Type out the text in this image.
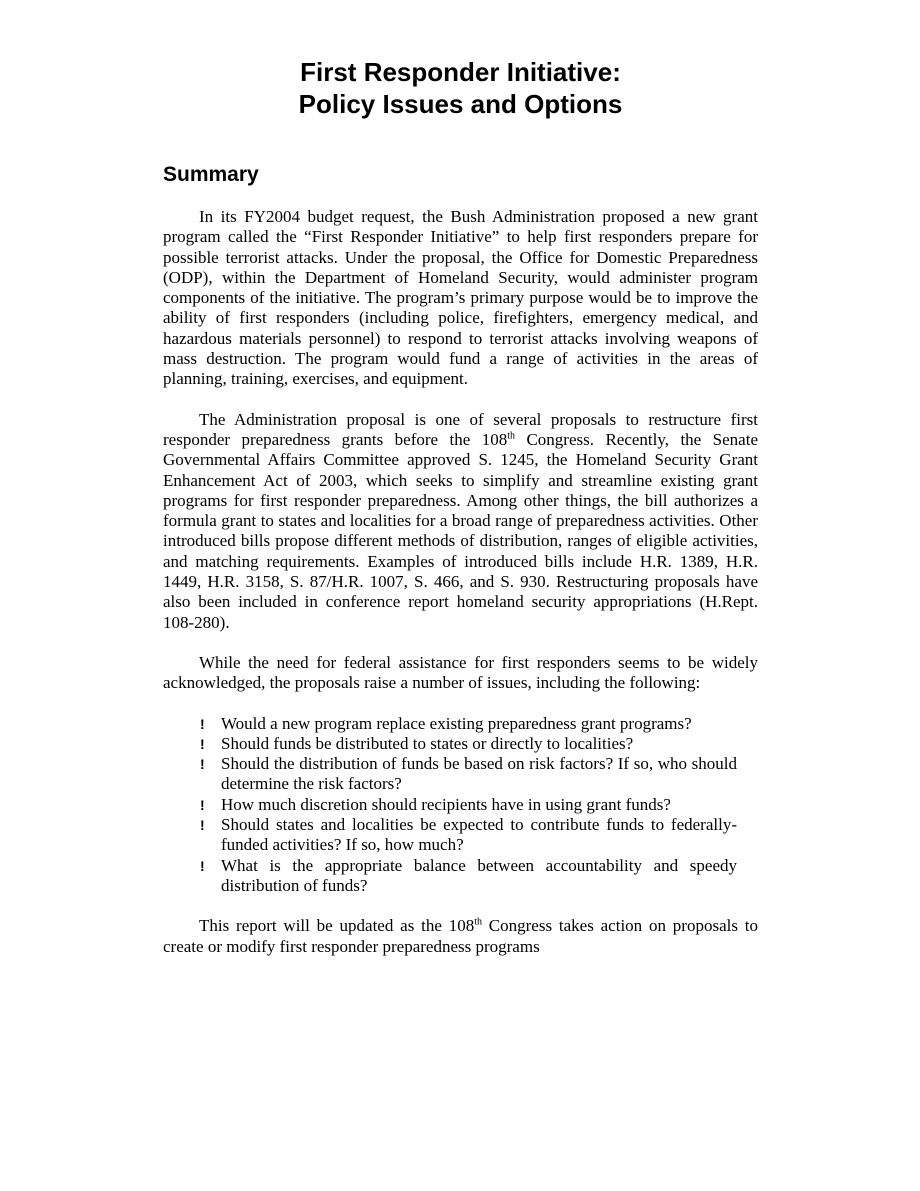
First Responder Initiative:
Policy Issues and Options
Summary

In its FY2004 budget request, the Bush Administration proposed a new grant program called the “First Responder Initiative” to help first responders prepare for possible terrorist attacks. Under the proposal, the Office for Domestic Preparedness (ODP), within the Department of Homeland Security, would administer program components of the initiative. The program’s primary purpose would be to improve the ability of first responders (including police, firefighters, emergency medical, and hazardous materials personnel) to respond to terrorist attacks involving weapons of mass destruction. The program would fund a range of activities in the areas of planning, training, exercises, and equipment.

The Administration proposal is one of several proposals to restructure first responder preparedness grants before the 108th Congress. Recently, the Senate Governmental Affairs Committee approved S. 1245, the Homeland Security Grant Enhancement Act of 2003, which seeks to simplify and streamline existing grant programs for first responder preparedness. Among other things, the bill authorizes a formula grant to states and localities for a broad range of preparedness activities. Other introduced bills propose different methods of distribution, ranges of eligible activities, and matching requirements. Examples of introduced bills include H.R. 1389, H.R. 1449, H.R. 3158, S. 87/H.R. 1007, S. 466, and S. 930. Restructuring proposals have also been included in conference report homeland security appropriations (H.Rept. 108-280).

While the need for federal assistance for first responders seems to be widely acknowledged, the proposals raise a number of issues, including the following:

! Would a new program replace existing preparedness grant programs?
! Should funds be distributed to states or directly to localities?
! Should the distribution of funds be based on risk factors? If so, who should determine the risk factors?
! How much discretion should recipients have in using grant funds?
! Should states and localities be expected to contribute funds to federally-funded activities? If so, how much?
! What is the appropriate balance between accountability and speedy distribution of funds?

This report will be updated as the 108th Congress takes action on proposals to create or modify first responder preparedness programs
